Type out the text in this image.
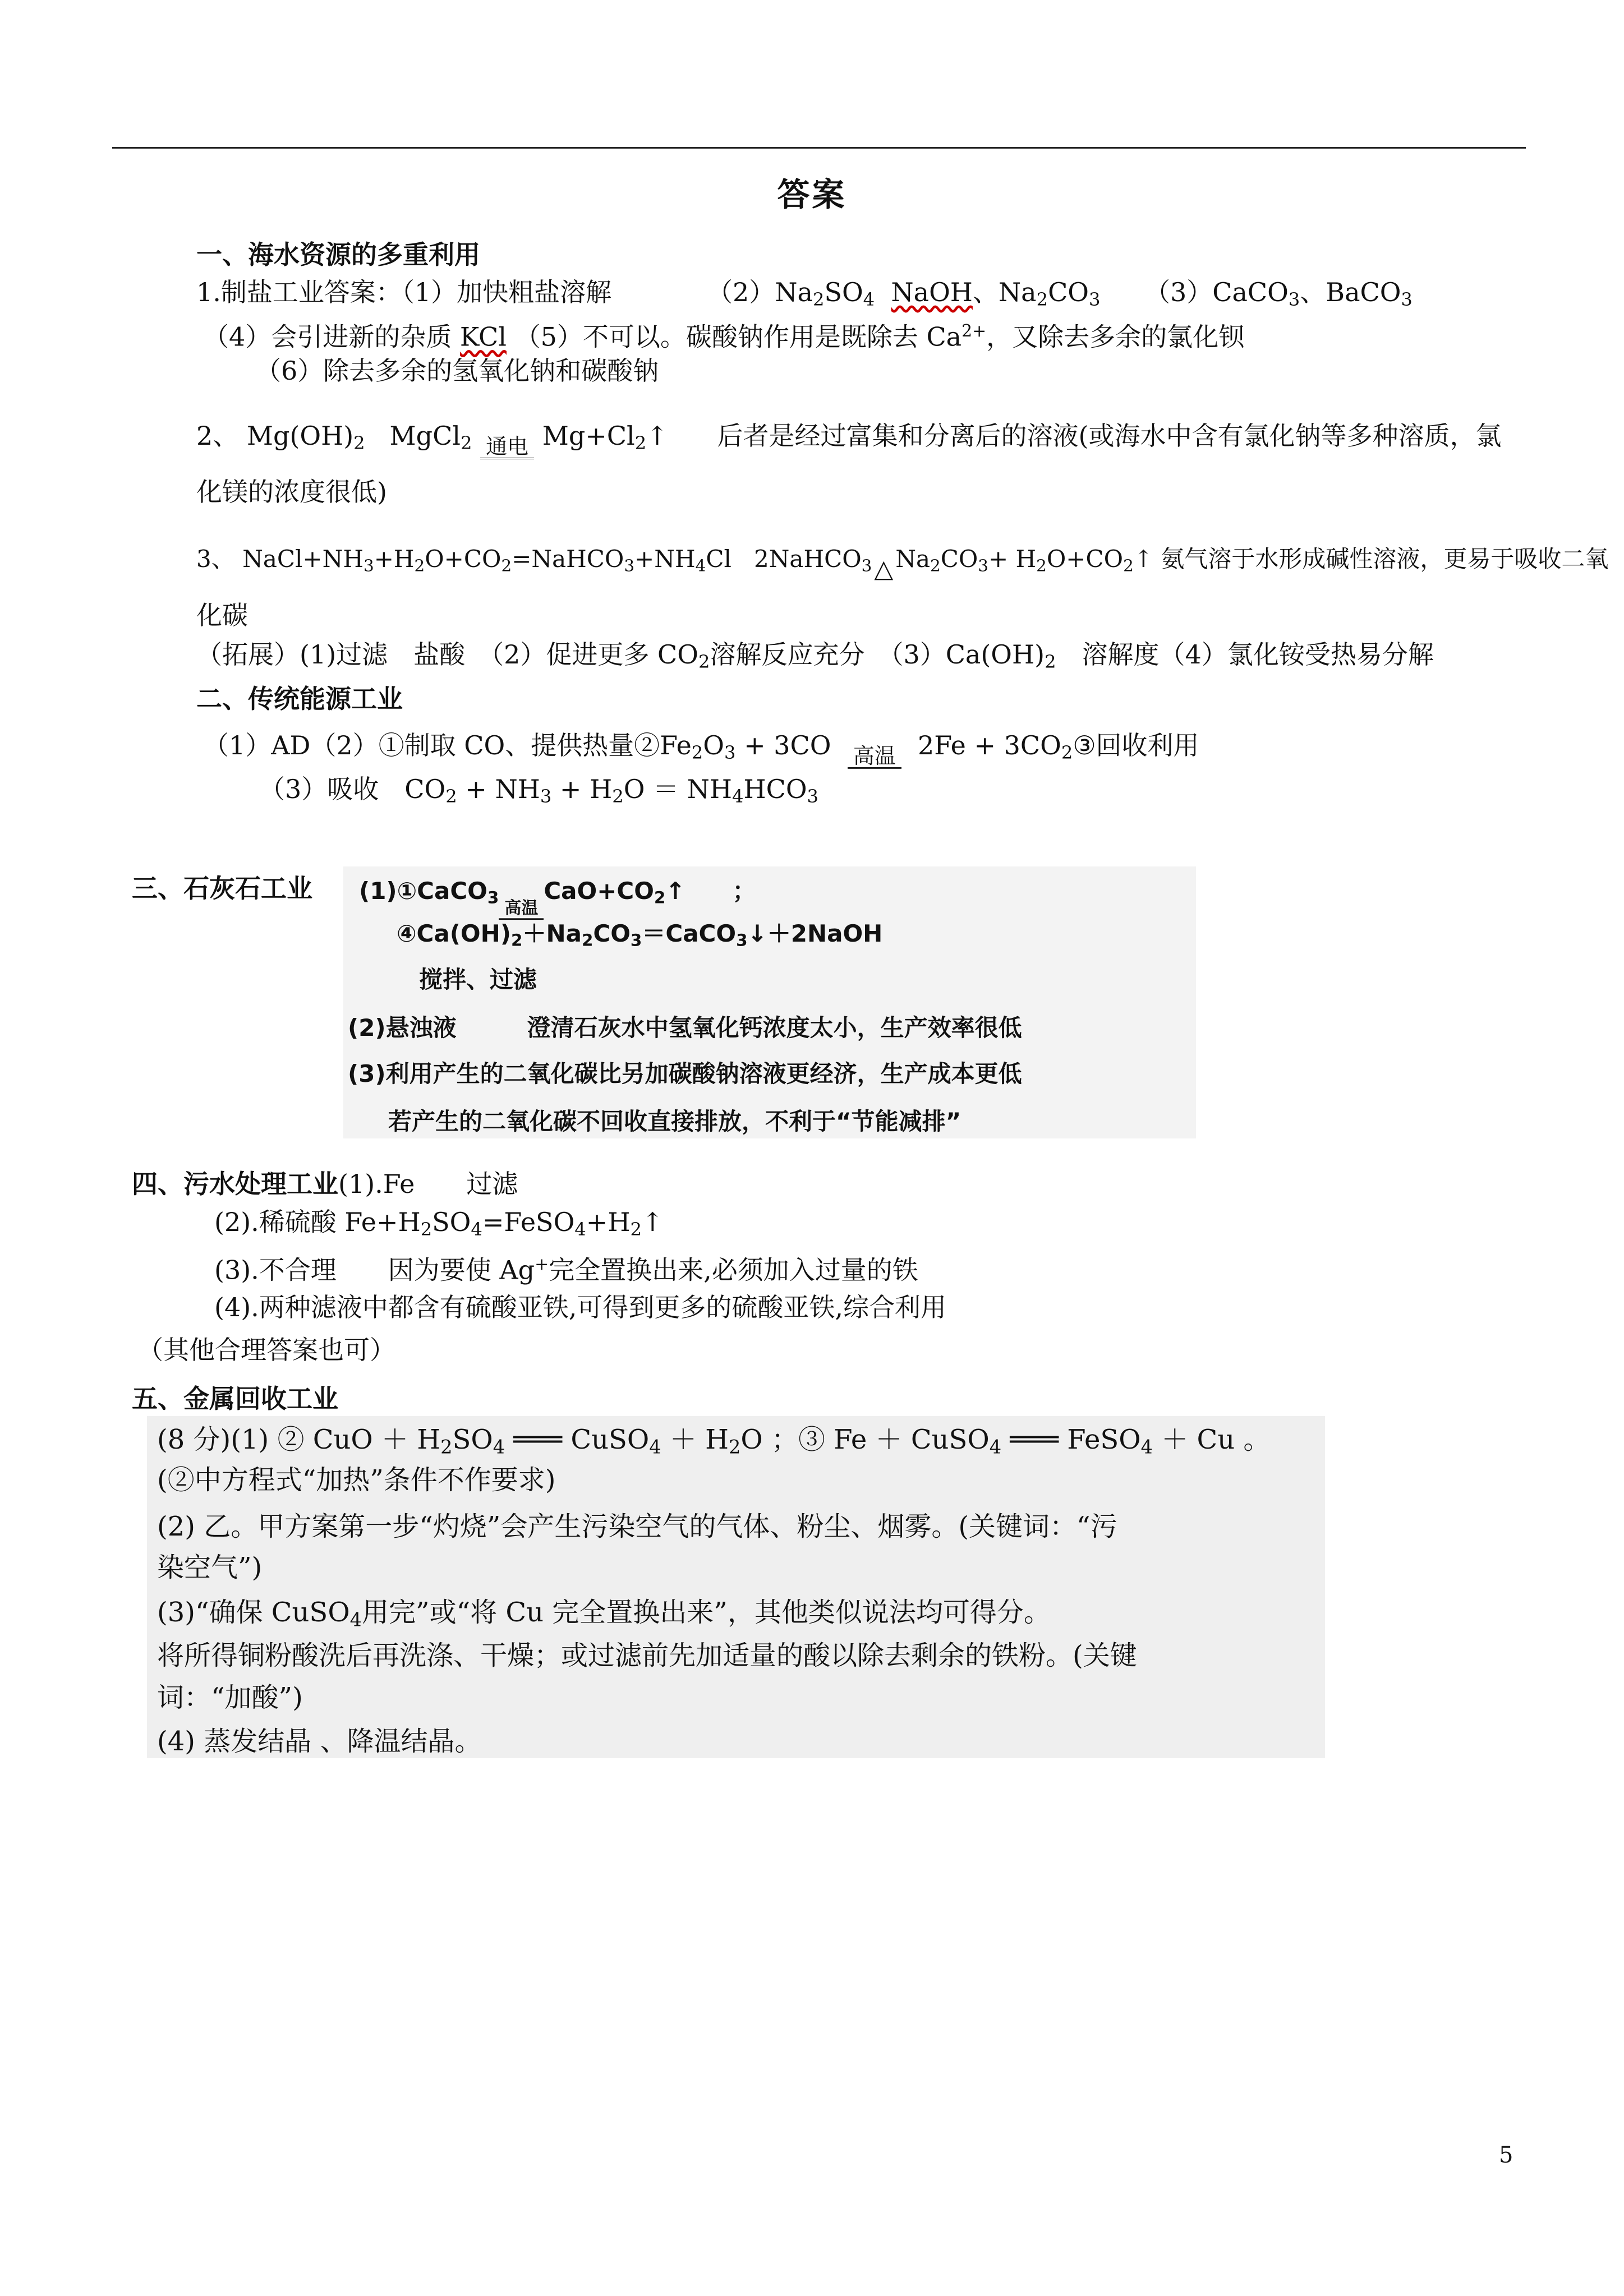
答案
一、海水资源的多重利用
1.制盐工业答案：（1）加快粗盐溶解	$(2)Na_2SO_4$ NaOH、$Na_2CO_3$ （3）CaCO$_3$、BaCO$_3$
（4）会引进新的杂质 KCl （5）不可以。碳酸钠作用是既除去 $Ca^{2+}$，又除去多余的氯化钡
（6）除去多余的氢氧化钠和碳酸钠
2、 $Mg(OH)_2$ MgCl$_2$ 通电 $Mg+Cl_2↑$ 后者是经过富集和分离后的溶液(或海水中含有氯化钠等多种溶质，氯
化镁的浓度很低)
3、 $NaCl+NH_3+H_2O+CO_2=NaHCO_3+NH_4Cl$ 2NaHCO$_3$ △ $Na_2CO_3+$ $H_2O+CO_2↑$ 氨气溶于水形成碱性溶液，更易于吸收二氧
化碳
（拓展）(1)过滤　盐酸　（2）促进更多 $CO_2$溶解反应充分　$(3)Ca(OH)_2$　溶解度（4）氯化铵受热易分解
二、传统能源工业
（1）AD（2）①制取 CO、提供热量$②Fe_2O_3 + 3CO$ 高温 $2Fe + 3CO_2③$回收利用
（3）吸收　$CO_2 + NH_3 + H_2O = NH_4HCO_3$
三、石灰石工业 (1)①CaCO$_3$
高温
$CaO+CO_2↑$　　；
$④Ca(OH)_2+Na_2CO_3=CaCO_3↓+2NaOH$
搅拌、过滤
(2)悬浊液　　　澄清石灰水中氢氧化钙浓度太小，生产效率很低
(3)利用产生的二氧化碳比另加碳酸钠溶液更经济，生产成本更低
若产生的二氧化碳不回收直接排放，不利于“节能减排”
四、污水处理工业(1).Fe　　过滤
(2).稀硫酸 $Fe+H_2SO_4=FeSO_4+H_2↑$
(3).不合理　　因为要使 Ag+完全置换出来,必须加入过量的铁
(4).两种滤液中都含有硫酸亚铁,可得到更多的硫酸亚铁,综合利用
（其他合理答案也可）
五、金属回收工业
(8 分)(1) ② CuO ＋ $H_2SO_4$ ═══ CuSO$_4$ ＋ $H_2O$ ；③ Fe ＋ CuSO$_4$ ═══ FeSO$_4$ ＋ Cu 。
(②中方程式“加热”条件不作要求)
(2) 乙。甲方案第一步“灼烧”会产生污染空气的气体、粉尘、烟雾。(关键词：“污
染空气”)
(3)“确保 CuSO$_4$用完”或“将 Cu 完全置换出来”，其他类似说法均可得分。
将所得铜粉酸洗后再洗涤、干燥；或过滤前先加适量的酸以除去剩余的铁粉。(关键
词：“加酸”)
(4) 蒸发结晶 、降温结晶。
5
